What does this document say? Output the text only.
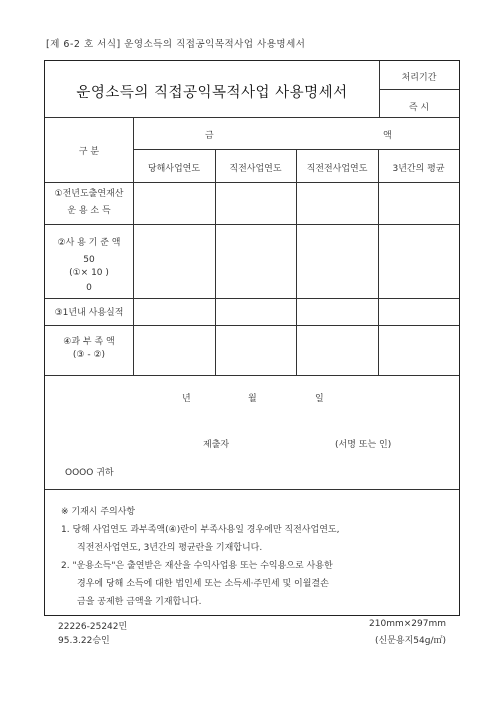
[제 6-2 호 서식] 운영소득의 직접공익목적사업 사용명세서
운영소득의 직접공익목적사업 사용명세서
처리기간
즉 시
구 분
금	액
당해사업연도	직전사업연도	직전전사업연도	3년간의 평균
①전년도출연재산
운 용 소 득
②사 용 기 준 액
50
(①× 10 )
0
③1년내 사용실적
④과 부 족 액
(③ - ②)
년	월	일
제출자	(서명 또는 인)
OOOO 귀하
※ 기재시 주의사항
1. 당해 사업연도 과부족액(④)란이 부족사용일 경우에만 직전사업연도,
직전전사업연도, 3년간의 평균란을 기재합니다.
2. "운용소득"은 출연받은 재산을 수익사업용 또는 수익용으로 사용한
경우에 당해 소득에 대한 법인세 또는 소득세·주민세 및 이월결손
금을 공제한 금액을 기재합니다.
22226-25242민
95.3.22승인
210mm×297mm
(신문용지54g/㎡)
